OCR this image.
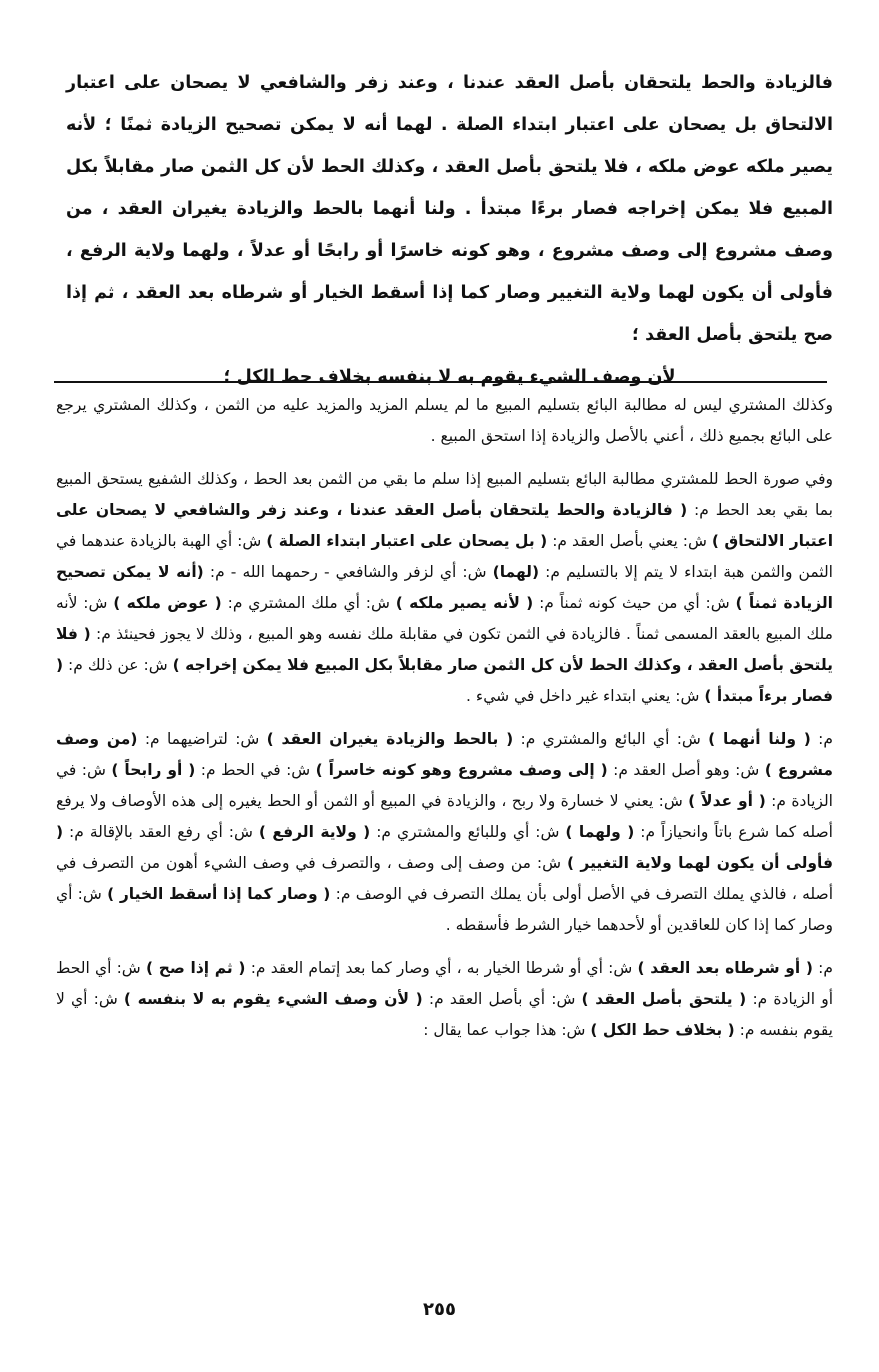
فالزيادة والحط يلتحقان بأصل العقد عندنا ، وعند زفر والشافعي لا يصحان على اعتبار الالتحاق بل يصحان على اعتبار ابتداء الصلة . لهما أنه لا يمكن تصحيح الزيادة ثمنًا ؛ لأنه يصير ملكه عوض ملكه ، فلا يلتحق بأصل العقد ، وكذلك الحط لأن كل الثمن صار مقابلاً بكل المبيع فلا يمكن إخراجه فصار برءًا مبتدأ . ولنا أنهما بالحط والزيادة يغيران العقد ، من وصف مشروع إلى وصف مشروع ، وهو كونه خاسرًا أو رابحًا أو عدلاً ، ولهما ولاية الرفع ، فأولى أن يكون لهما ولاية التغيير وصار كما إذا أسقط الخيار أو شرطاه بعد العقد ، ثم إذا صح يلتحق بأصل العقد ؛

لأن وصف الشيء يقوم به لا بنفسه بخلاف حط الكل ؛

وكذلك المشتري ليس له مطالبة البائع بتسليم المبيع ما لم يسلم المزيد والمزيد عليه من الثمن ، وكذلك المشتري يرجع على البائع بجميع ذلك ، أعني بالأصل والزيادة إذا استحق المبيع .

وفي صورة الحط للمشتري مطالبة البائع بتسليم المبيع إذا سلم ما بقي من الثمن بعد الحط ، وكذلك الشفيع يستحق المبيع بما بقي بعد الحط م: ( فالزيادة والحط يلتحقان بأصل العقد عندنا ، وعند زفر والشافعي لا يصحان على اعتبار الالتحاق ) ش: يعني بأصل العقد م: ( بل يصحان على اعتبار ابتداء الصلة ) ش: أي الهبة بالزيادة عندهما في الثمن والثمن هبة ابتداء لا يتم إلا بالتسليم م: (لهما) ش: أي لزفر والشافعي - رحمهما الله - م: (أنه لا يمكن تصحيح الزيادة ثمناً ) ش: أي من حيث كونه ثمناً م: ( لأنه يصير ملكه ) ش: أي ملك المشتري م: ( عوض ملكه ) ش: لأنه ملك المبيع بالعقد المسمى ثمناً . فالزيادة في الثمن تكون في مقابلة ملك نفسه وهو المبيع ، وذلك لا يجوز فحينئذ م: ( فلا يلتحق بأصل العقد ، وكذلك الحط لأن كل الثمن صار مقابلاً بكل المبيع فلا يمكن إخراجه ) ش: عن ذلك م: ( فصار برءاً مبتدأ ) ش: يعني ابتداء غير داخل في شيء .

م: ( ولنا أنهما ) ش: أي البائع والمشتري م: ( بالحط والزيادة يغيران العقد ) ش: لتراضيهما م: (من وصف مشروع ) ش: وهو أصل العقد م: ( إلى وصف مشروع وهو كونه خاسراً ) ش: في الحط م: ( أو رابحاً ) ش: في الزيادة م: ( أو عدلاً ) ش: يعني لا خسارة ولا ربح ، والزيادة في المبيع أو الثمن أو الحط يغيره إلى هذه الأوصاف ولا يرفع أصله كما شرع باتاً وانحيازاً م: ( ولهما ) ش: أي وللبائع والمشتري م: ( ولاية الرفع ) ش: أي رفع العقد بالإقالة م: ( فأولى أن يكون لهما ولاية التغيير ) ش: من وصف إلى وصف ، والتصرف في وصف الشيء أهون من التصرف في أصله ، فالذي يملك التصرف في الأصل أولى بأن يملك التصرف في الوصف م: ( وصار كما إذا أسقط الخيار ) ش: أي وصار كما إذا كان للعاقدين أو لأحدهما خيار الشرط فأسقطه .

م: ( أو شرطاه بعد العقد ) ش: أي أو شرطا الخيار به ، أي وصار كما بعد إتمام العقد م: ( ثم إذا صح ) ش: أي الحط أو الزيادة م: ( يلتحق بأصل العقد ) ش: أي بأصل العقد م: ( لأن وصف الشيء يقوم به لا بنفسه ) ش: أي لا يقوم بنفسه م: ( بخلاف حط الكل ) ش: هذا جواب عما يقال :

٢٥٥
